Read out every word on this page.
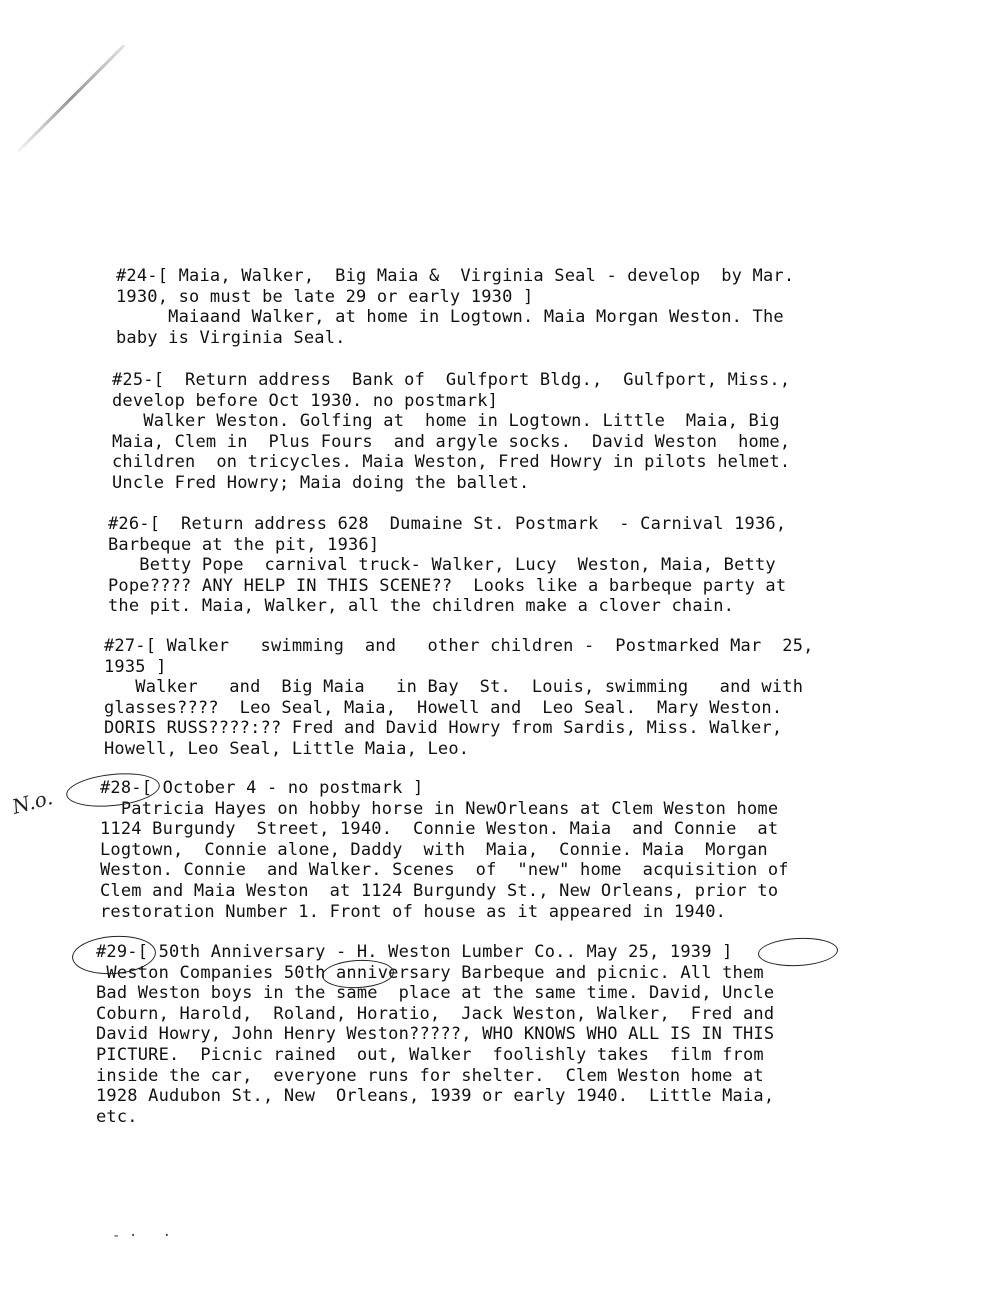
#24-[ Maia, Walker,  Big Maia &  Virginia Seal - develop  by Mar.
1930, so must be late 29 or early 1930 ]
Maiaand Walker, at home in Logtown. Maia Morgan Weston. The
baby is Virginia Seal.
#25-[  Return address  Bank of  Gulfport Bldg.,  Gulfport, Miss.,
develop before Oct 1930. no postmark]
Walker Weston. Golfing at  home in Logtown. Little  Maia, Big
Maia, Clem in  Plus Fours  and argyle socks.  David Weston  home,
children  on tricycles. Maia Weston, Fred Howry in pilots helmet.
Uncle Fred Howry; Maia doing the ballet.
#26-[  Return address 628  Dumaine St. Postmark  - Carnival 1936,
Barbeque at the pit, 1936]
Betty Pope  carnival truck- Walker, Lucy  Weston, Maia, Betty
Pope???? ANY HELP IN THIS SCENE??  Looks like a barbeque party at
the pit. Maia, Walker, all the children make a clover chain.
#27-[ Walker   swimming  and   other children -  Postmarked Mar  25,
1935 ]
Walker   and  Big Maia   in Bay  St.  Louis, swimming   and with
glasses????  Leo Seal, Maia,  Howell and  Leo Seal.  Mary Weston.
DORIS RUSS????:?? Fred and David Howry from Sardis, Miss. Walker,
Howell, Leo Seal, Little Maia, Leo.
#28-[ October 4 - no postmark ]
Patricia Hayes on hobby horse in NewOrleans at Clem Weston home
1124 Burgundy  Street, 1940.  Connie Weston. Maia  and Connie  at
Logtown,  Connie alone, Daddy  with  Maia,  Connie. Maia  Morgan
Weston. Connie  and Walker. Scenes  of  "new" home  acquisition of
Clem and Maia Weston  at 1124 Burgundy St., New Orleans, prior to
restoration Number 1. Front of house as it appeared in 1940.
#29-[ 50th Anniversary - H. Weston Lumber Co.. May 25, 1939 ]
Weston Companies 50th anniversary Barbeque and picnic. All them
Bad Weston boys in the same  place at the same time. David, Uncle
Coburn, Harold,  Roland, Horatio,  Jack Weston, Walker,  Fred and
David Howry, John Henry Weston?????, WHO KNOWS WHO ALL IS IN THIS
PICTURE.  Picnic rained  out, Walker  foolishly takes  film from
inside the car,  everyone runs for shelter.  Clem Weston home at
1928 Audubon St., New  Orleans, 1939 or early 1940.  Little Maia,
etc.
N.o.
- ·   ·
